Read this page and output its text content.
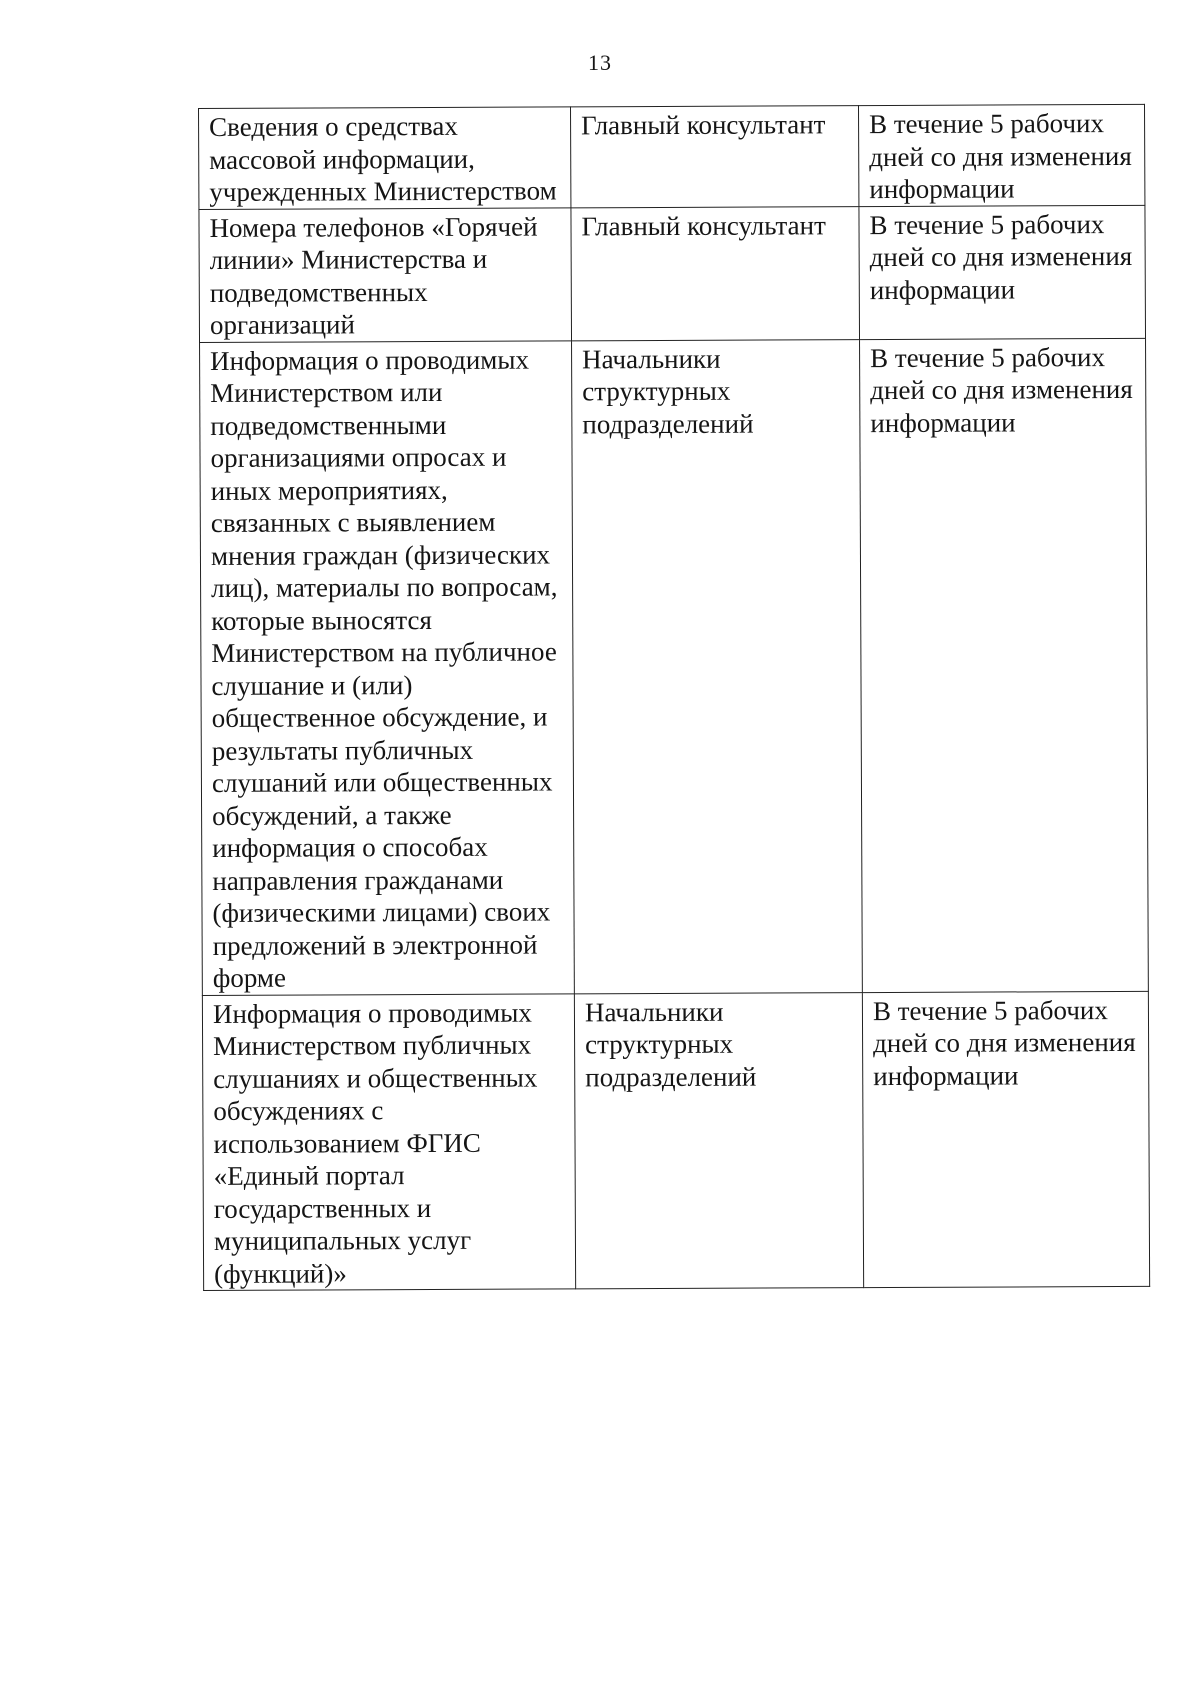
13
Сведения о средствах массовой информации, учрежденных Министерством	Главный консультант	В течение 5 рабочих дней со дня изменения информации

Номера телефонов «Горячей линии» Министерства и подведомственных организаций	Главный консультант	В течение 5 рабочих дней со дня изменения информации

Информация о проводимых Министерством или подведомственными организациями опросах и иных мероприятиях, связанных с выявлением мнения граждан (физических лиц), материалы по вопросам, которые выносятся Министерством на публичное слушание и (или) общественное обсуждение, и результаты публичных слушаний или общественных обсуждений, а также информация о способах направления гражданами (физическими лицами) своих предложений в электронной форме	Начальники структурных подразделений	В течение 5 рабочих дней со дня изменения информации

Информация о проводимых Министерством публичных слушаниях и общественных обсуждениях с использованием ФГИС «Единый портал государственных и муниципальных услуг (функций)»	Начальники структурных подразделений	В течение 5 рабочих дней со дня изменения информации
